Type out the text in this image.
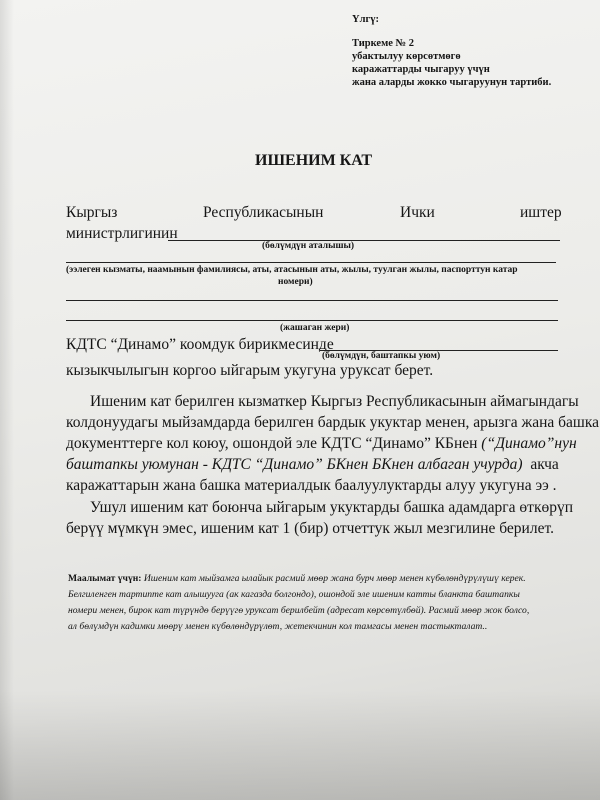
Үлгү:
Тиркеме № 2
убактылуу көрсөтмөгө
каражаттарды чыгаруу үчүн
жана аларды жокко чыгаруунун тартиби.
ИШЕНИМ КАТ
Кыргыз	Республикасынын	Ички	иштер
министрлигинин
(бөлүмдүн аталышы)
(ээлеген кызматы, наамынын фамилиясы, аты, атасынын аты, жылы, туулган жылы, паспорттун катар
номери)
(жашаган жери)
КДТС “Динамо” коомдук бирикмесинде
(бөлүмдүн, баштапкы уюм)
кызыкчылыгын коргоо ыйгарым укугуна уруксат берет.
Ишеним кат берилген кызматкер Кыргыз Республикасынын аймагындагы
колдонуудагы мыйзамдарда берилген бардык укуктар менен, арызга жана башка
документтерге кол коюу, ошондой эле КДТС “Динамо” КБнен (“Динамо”нун
баштапкы уюмунан - КДТС “Динамо” БКнен БКнен албаган учурда) акча
каражаттарын жана башка материалдык баалуулуктарды алуу укугуна ээ .
Ушул ишеним кат боюнча ыйгарым укуктарды башка адамдарга өткөрүп
берүү мүмкүн эмес, ишеним кат 1 (бир) отчеттук жыл мезгилине берилет.
Маалымат үчүн: Ишеним кат мыйзамга ылайык расмий мөөр жана бурч мөөр менен күбөлөндүрүлүшү керек.
Белгиленген тартипте кат алышууга (ак кагазда болгондо), ошондой эле ишеним катты бланкта баштапкы
номери менен, бирок кат түрүндө берүүгө уруксат берилбейт (адресат көрсөтүлбөй). Расмий мөөр жок болсо,
ал бөлүмдүн кадимки мөөрү менен күбөлөндүрүлөт, жетекчинин кол тамгасы менен тастыкталат..
